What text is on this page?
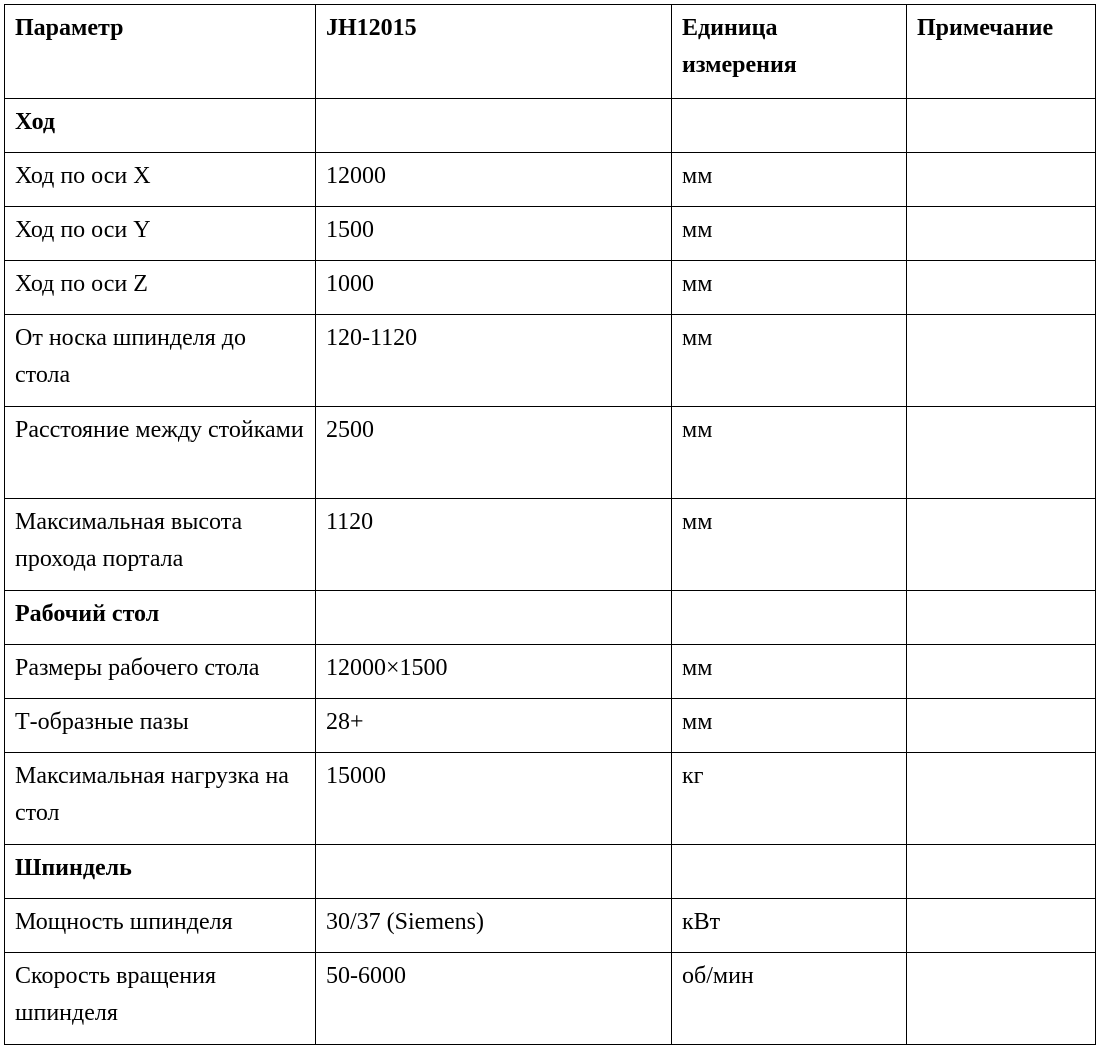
Параметр	JH12015	Единица измерения	Примечание
Ход			
Ход по оси X	12000	мм	
Ход по оси Y	1500	мм	
Ход по оси Z	1000	мм	
От носка шпинделя до стола	120-1120	мм	
Расстояние между стойками	2500	мм	
Максимальная высота прохода портала	1120	мм	
Рабочий стол			
Размеры рабочего стола	12000×1500	мм	
Т-образные пазы	28+	мм	
Максимальная нагрузка на стол	15000	кг	
Шпиндель			
Мощность шпинделя	30/37 (Siemens)	кВт	
Скорость вращения шпинделя	50-6000	об/мин	
